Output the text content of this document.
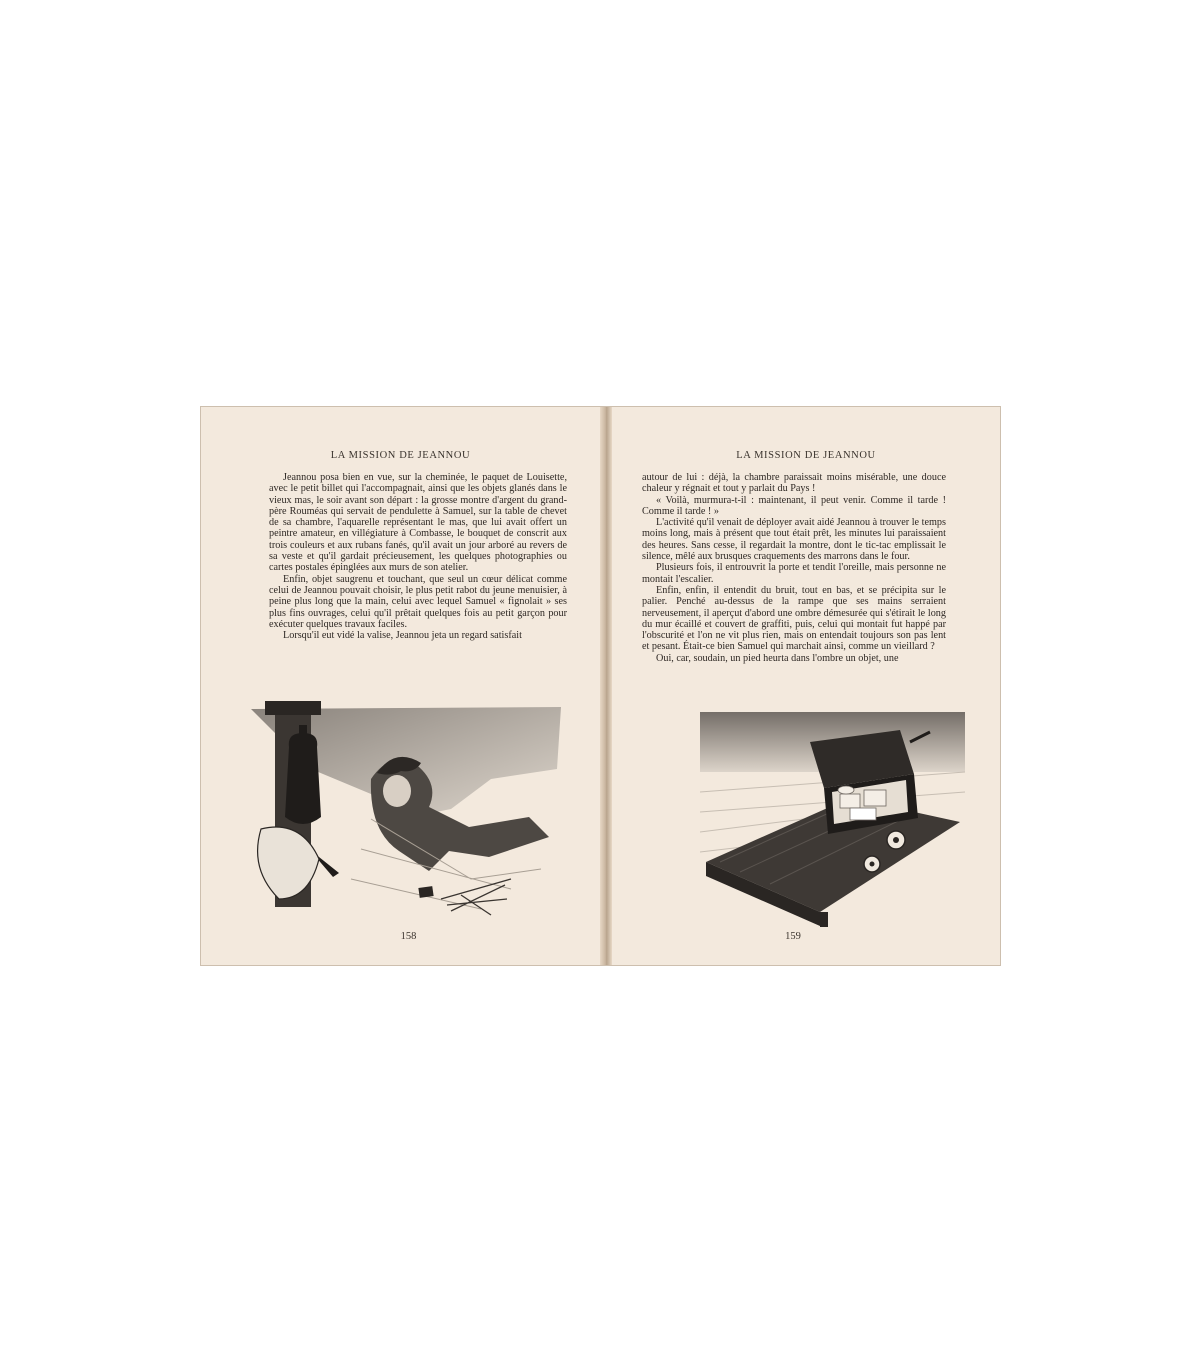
LA MISSION DE JEANNOU

Jeannou posa bien en vue, sur la cheminée, le paquet de Louisette, avec le petit billet qui l'accompagnait, ainsi que les objets glanés dans le vieux mas, le soir avant son départ : la grosse montre d'argent du grand-père Rouméas qui servait de pendulette à Samuel, sur la table de chevet de sa chambre, l'aquarelle représentant le mas, que lui avait offert un peintre amateur, en villégiature à Combasse, le bouquet de conscrit aux trois couleurs et aux rubans fanés, qu'il avait un jour arboré au revers de sa veste et qu'il gardait précieusement, les quelques photographies ou cartes postales épinglées aux murs de son atelier.

Enfin, objet saugrenu et touchant, que seul un cœur délicat comme celui de Jeannou pouvait choisir, le plus petit rabot du jeune menuisier, à peine plus long que la main, celui avec lequel Samuel « fignolait » ses plus fins ouvrages, celui qu'il prêtait quelques fois au petit garçon pour exécuter quelques travaux faciles.

Lorsqu'il eut vidé la valise, Jeannou jeta un regard satisfait

158
LA MISSION DE JEANNOU

autour de lui : déjà, la chambre paraissait moins misérable, une douce chaleur y régnait et tout y parlait du Pays !

« Voilà, murmura-t-il : maintenant, il peut venir. Comme il tarde ! Comme il tarde ! »

L'activité qu'il venait de déployer avait aidé Jeannou à trouver le temps moins long, mais à présent que tout était prêt, les minutes lui paraissaient des heures. Sans cesse, il regardait la montre, dont le tic-tac emplissait le silence, mêlé aux brusques craquements des marrons dans le four.

Plusieurs fois, il entrouvrit la porte et tendit l'oreille, mais personne ne montait l'escalier.

Enfin, enfin, il entendit du bruit, tout en bas, et se précipita sur le palier. Penché au-dessus de la rampe que ses mains serraient nerveusement, il aperçut d'abord une ombre démesurée qui s'étirait le long du mur écaillé et couvert de graffiti, puis, celui qui montait fut happé par l'obscurité et l'on ne vit plus rien, mais on entendait toujours son pas lent et pesant. Était-ce bien Samuel qui marchait ainsi, comme un vieillard ?

Oui, car, soudain, un pied heurta dans l'ombre un objet, une

159
